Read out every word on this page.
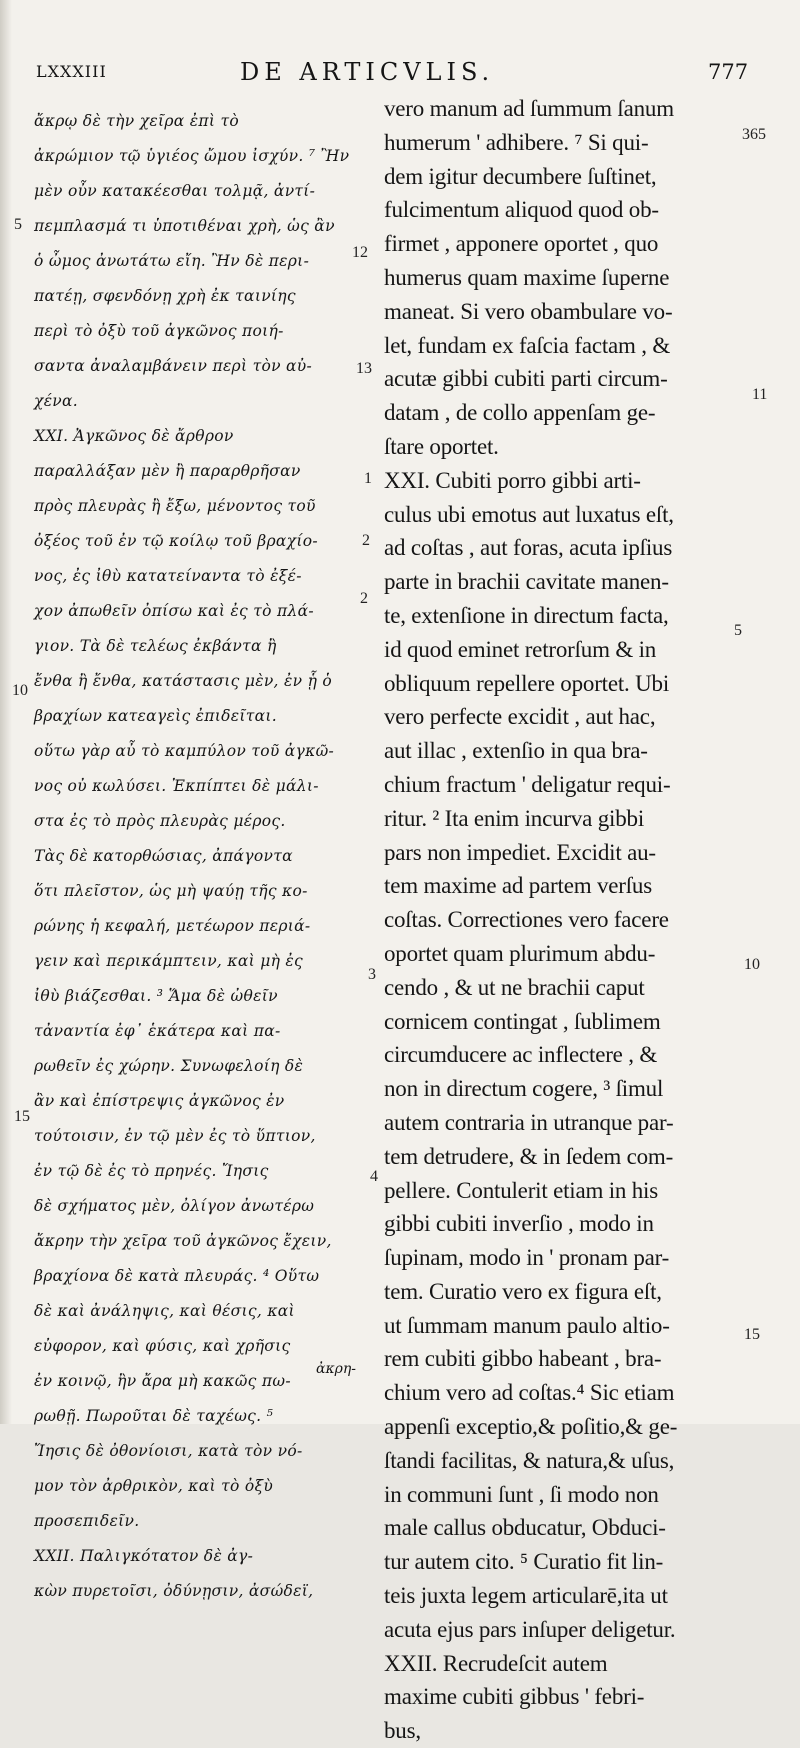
LXXXIII	DE ARTICVLIS.	777
ἄκρῳ δὲ τὴν χεῖρα ἐπὶ τὸ
ἀκρώμιον τῷ ὑγιέος ὤμου ἰσχύν. ⁷ Ἢν
μὲν οὖν κατακέεσθαι τολμᾷ, ἀντί-
πεμπλασμά τι ὑποτιθέναι χρὴ, ὡς ἂν
ὁ ὦμος ἀνωτάτω εἴη. Ἢν δὲ περι-
πατέῃ, σφενδόνῃ χρὴ ἐκ ταινίης
περὶ τὸ ὀξὺ τοῦ ἀγκῶνος ποιή-
σαντα ἀναλαμβάνειν περὶ τὸν αὐ-
χένα.
XXI. Ἀγκῶνος δὲ ἄρθρον
παραλλάξαν μὲν ἢ παραρθρῆσαν
πρὸς πλευρὰς ἢ ἔξω, μένοντος τοῦ
ὀξέος τοῦ ἐν τῷ κοίλῳ τοῦ βραχίο-
νος, ἐς ἰθὺ κατατείναντα τὸ ἐξέ-
χον ἀπωθεῖν ὀπίσω καὶ ἐς τὸ πλά-
γιον. Τὰ δὲ τελέως ἐκβάντα ἢ
ἔνθα ἢ ἔνθα, κατάστασις μὲν, ἐν ᾗ ὁ
βραχίων κατεαγεὶς ἐπιδεῖται.
οὕτω γὰρ αὖ τὸ καμπύλον τοῦ ἀγκῶ-
νος οὐ κωλύσει. Ἐκπίπτει δὲ μάλι-
στα ἐς τὸ πρὸς πλευρὰς μέρος.
Τὰς δὲ κατορθώσιας, ἀπάγοντα
ὅτι πλεῖστον, ὡς μὴ ψαύῃ τῆς κο-
ρώνης ἡ κεφαλή, μετέωρον περιά-
γειν καὶ περικάμπτειν, καὶ μὴ ἐς
ἰθὺ βιάζεσθαι. ³ Ἅμα δὲ ὠθεῖν
τἀναντία ἐφ᾿ ἑκάτερα καὶ πα-
ρωθεῖν ἐς χώρην. Συνωφελοίη δὲ
ἂν καὶ ἐπίστρεψις ἀγκῶνος ἐν
τούτοισιν, ἐν τῷ μὲν ἐς τὸ ὕπτιον,
ἐν τῷ δὲ ἐς τὸ πρηνές. Ἴησις
δὲ σχήματος μὲν, ὀλίγον ἀνωτέρω
ἄκρην τὴν χεῖρα τοῦ ἀγκῶνος ἔχειν,
βραχίονα δὲ κατὰ πλευράς. ⁴ Οὕτω
δὲ καὶ ἀνάληψις, καὶ θέσις, καὶ
εὐφορον, καὶ φύσις, καὶ χρῆσις
ἐν κοινῷ, ἢν ἄρα μὴ κακῶς πω-
ρωθῇ. Πωροῦται δὲ ταχέως. ⁵
Ἴησις δὲ ὀθονίοισι, κατὰ τὸν νό-
μον τὸν ἀρθρικὸν, καὶ τὸ ὀξὺ
προσεπιδεῖν.
XXII. Παλιγκότατον δὲ ἀγ-
κὼν πυρετοῖσι, ὀδύνῃσιν, ἀσώδεϊ,
vero manum ad ſummum ſanum
humerum ' adhibere. ⁷ Si qui-
dem igitur decumbere ſuſtinet,
fulcimentum aliquod quod ob-
firmet , apponere oportet , quo
humerus quam maxime ſuperne
maneat. Si vero obambulare vo-
let, fundam ex faſcia factam , &
acutæ gibbi cubiti parti circum-
datam , de collo appenſam ge-
ſtare oportet.
XXI. Cubiti porro gibbi arti-
culus ubi emotus aut luxatus eſt,
ad coſtas , aut foras, acuta ipſius
parte in brachii cavitate manen-
te, extenſione in directum facta,
id quod eminet retrorſum & in
obliquum repellere oportet. Ubi
vero perfecte excidit , aut hac,
aut illac , extenſio in qua bra-
chium fractum ' deligatur requi-
ritur. ² Ita enim incurva gibbi
pars non impediet. Excidit au-
tem maxime ad partem verſus
coſtas. Correctiones vero facere
oportet quam plurimum abdu-
cendo , & ut ne brachii caput
cornicem contingat , ſublimem
circumducere ac inflectere , &
non in directum cogere, ³ ſimul
autem contraria in utranque par-
tem detrudere, & in ſedem com-
pellere. Contulerit etiam in his
gibbi cubiti inverſio , modo in
ſupinam, modo in ' pronam par-
tem. Curatio vero ex figura eſt,
ut ſummam manum paulo altio-
rem cubiti gibbo habeant , bra-
chium vero ad coſtas.⁴ Sic etiam
appenſi exceptio,& poſitio,& ge-
ſtandi facilitas, & natura,& uſus,
in communi ſunt , ſi modo non
male callus obducatur, Obduci-
tur autem cito. ⁵ Curatio fit lin-
teis juxta legem articularē,ita ut
acuta ejus pars inſuper deligetur.
XXII. Recrudeſcit autem
maxime cubiti gibbus ' febri-
bus,
5
12
13
1
2
2
10
3
15
4
365
11
5
10
15
ἀκρη-
